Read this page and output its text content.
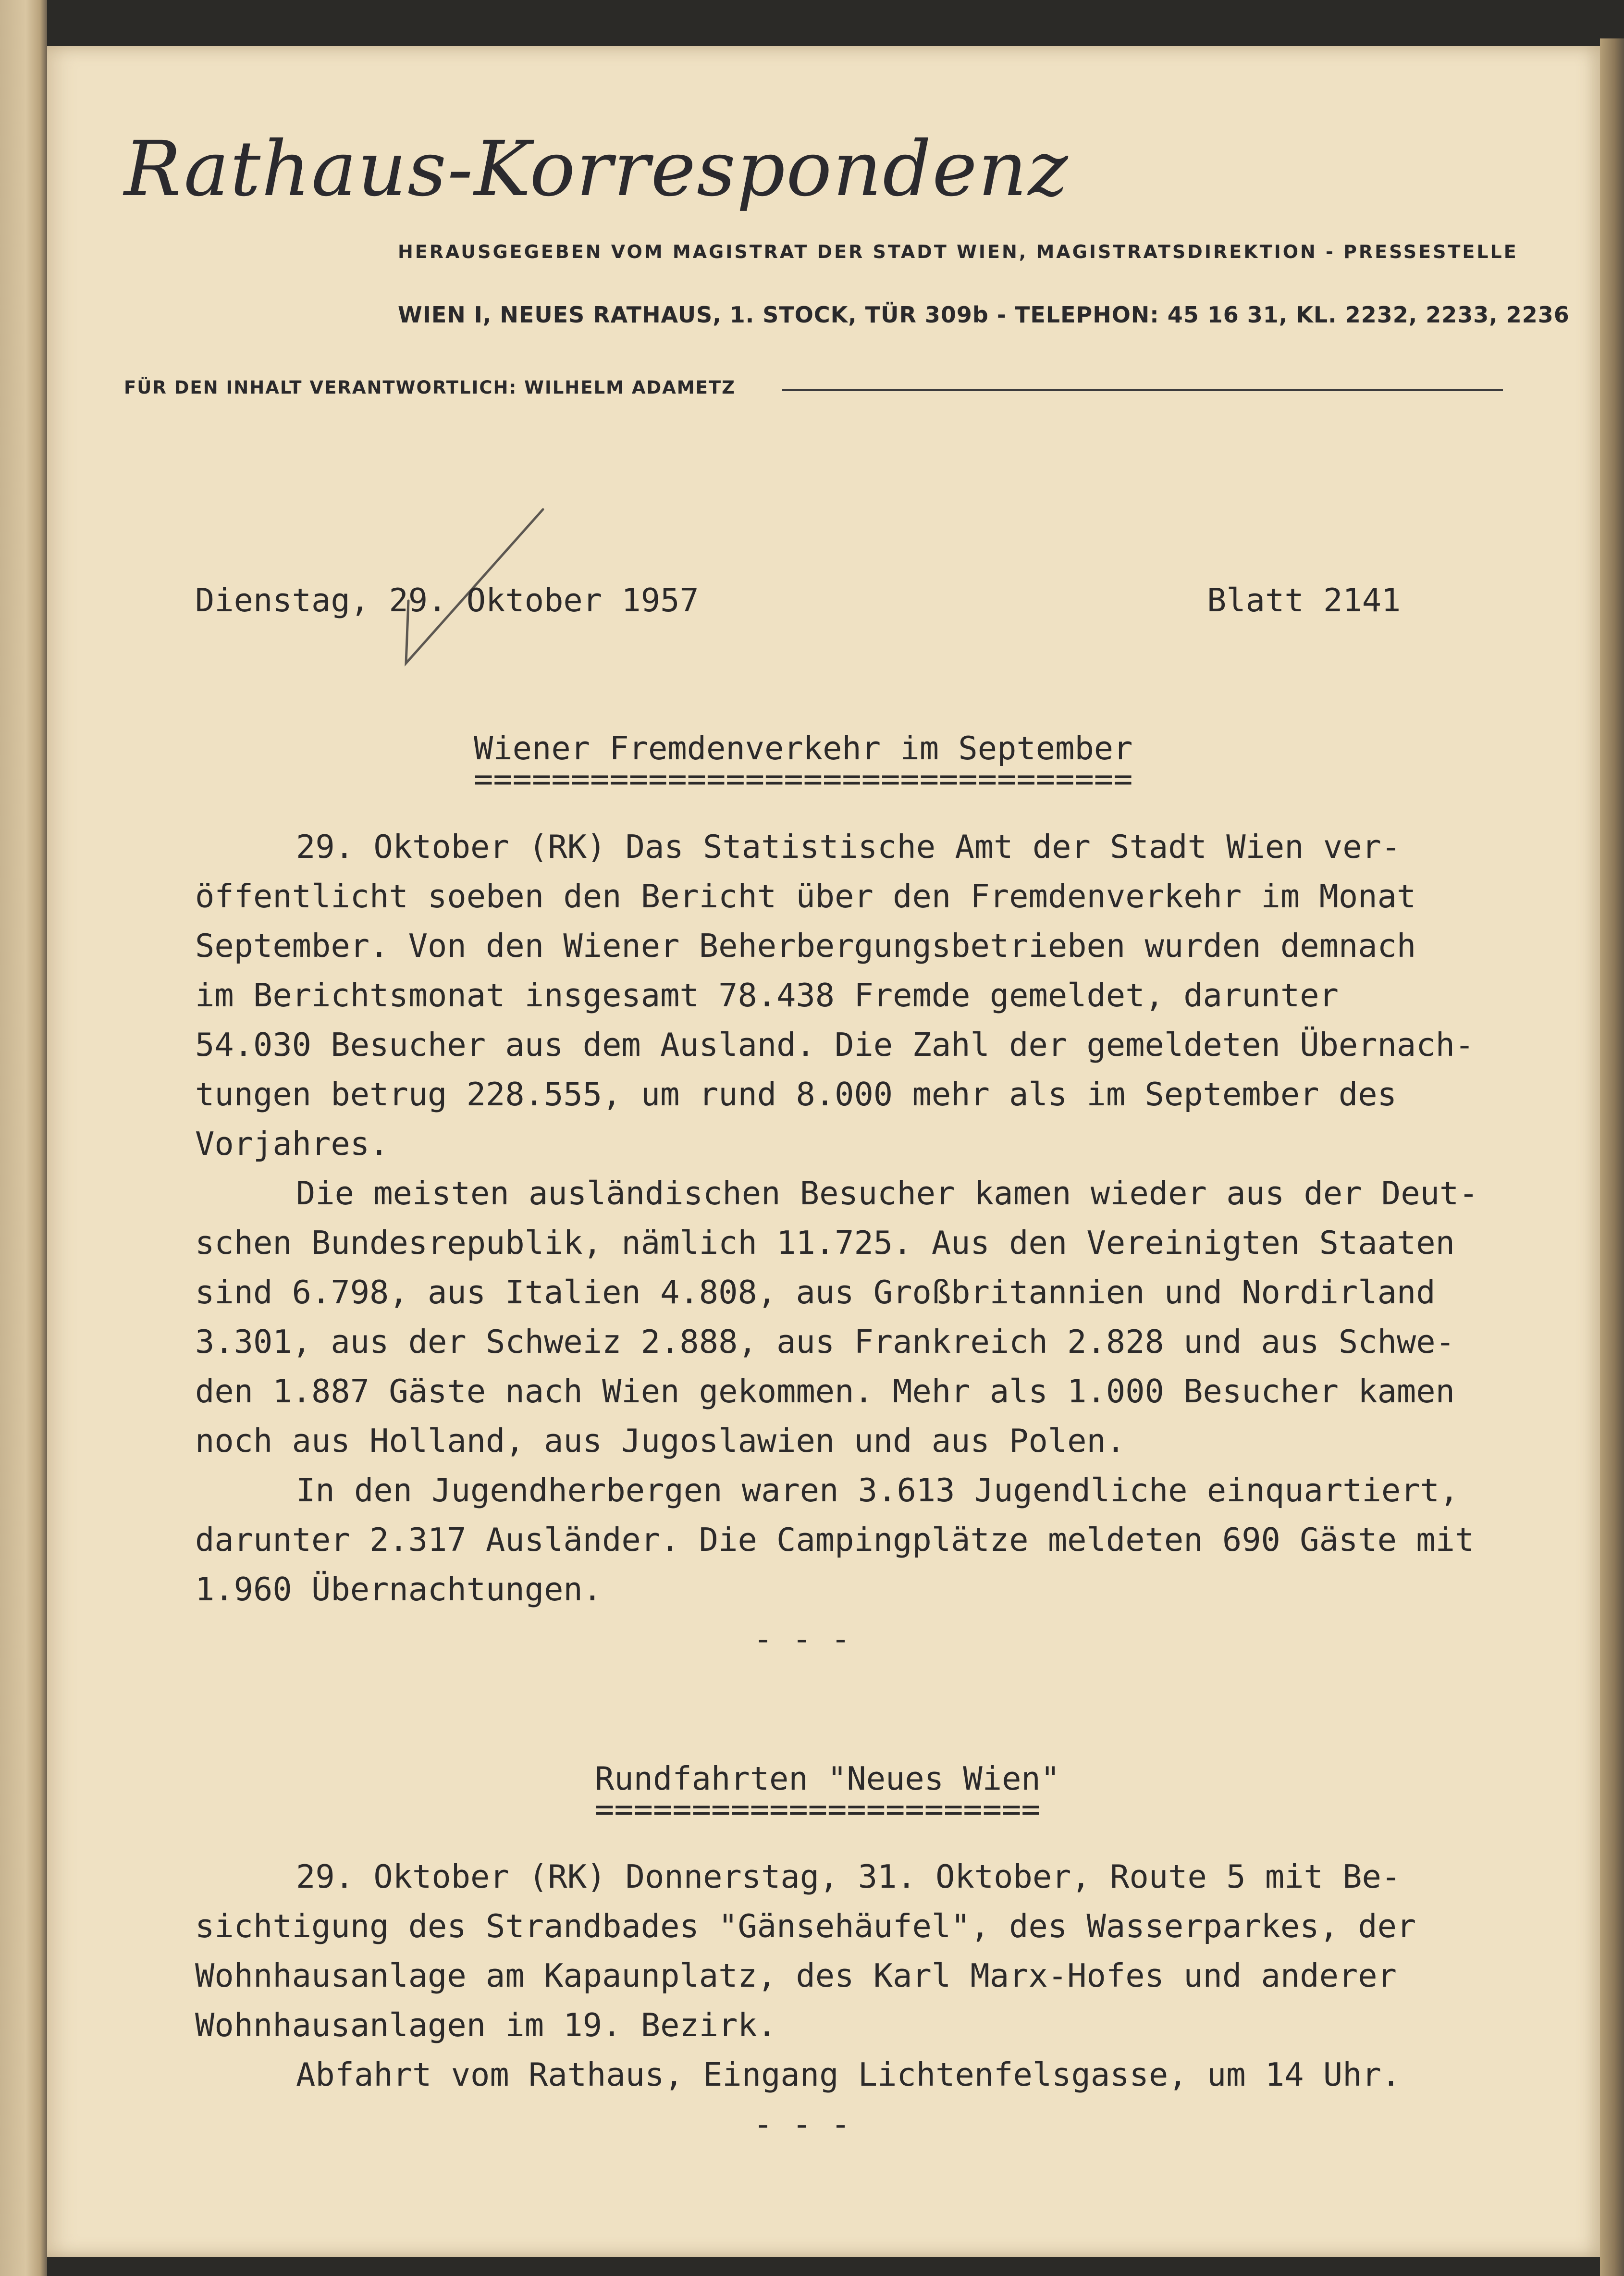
Rathaus-Korrespondenz
HERAUSGEGEBEN VOM MAGISTRAT DER STADT WIEN, MAGISTRATSDIREKTION - PRESSESTELLE
WIEN I, NEUES RATHAUS, 1. STOCK, TÜR 309b - TELEPHON: 45 16 31, KL. 2232, 2233, 2236
FÜR DEN INHALT VERANTWORTLICH: WILHELM ADAMETZ
Dienstag, 29. Oktober 1957	Blatt 2141
Wiener Fremdenverkehr im September
==================================
29. Oktober (RK) Das Statistische Amt der Stadt Wien ver-
öffentlicht soeben den Bericht über den Fremdenverkehr im Monat
September. Von den Wiener Beherbergungsbetrieben wurden demnach
im Berichtsmonat insgesamt 78.438 Fremde gemeldet, darunter
54.030 Besucher aus dem Ausland. Die Zahl der gemeldeten Übernach-
tungen betrug 228.555, um rund 8.000 mehr als im September des
Vorjahres.
Die meisten ausländischen Besucher kamen wieder aus der Deut-
schen Bundesrepublik, nämlich 11.725. Aus den Vereinigten Staaten
sind 6.798, aus Italien 4.808, aus Großbritannien und Nordirland
3.301, aus der Schweiz 2.888, aus Frankreich 2.828 und aus Schwe-
den 1.887 Gäste nach Wien gekommen. Mehr als 1.000 Besucher kamen
noch aus Holland, aus Jugoslawien und aus Polen.
In den Jugendherbergen waren 3.613 Jugendliche einquartiert,
darunter 2.317 Ausländer. Die Campingplätze meldeten 690 Gäste mit
1.960 Übernachtungen.
- - -
Rundfahrten "Neues Wien"
=======================
29. Oktober (RK) Donnerstag, 31. Oktober, Route 5 mit Be-
sichtigung des Strandbades "Gänsehäufel", des Wasserparkes, der
Wohnhausanlage am Kapaunplatz, des Karl Marx-Hofes und anderer
Wohnhausanlagen im 19. Bezirk.
Abfahrt vom Rathaus, Eingang Lichtenfelsgasse, um 14 Uhr.
- - -
